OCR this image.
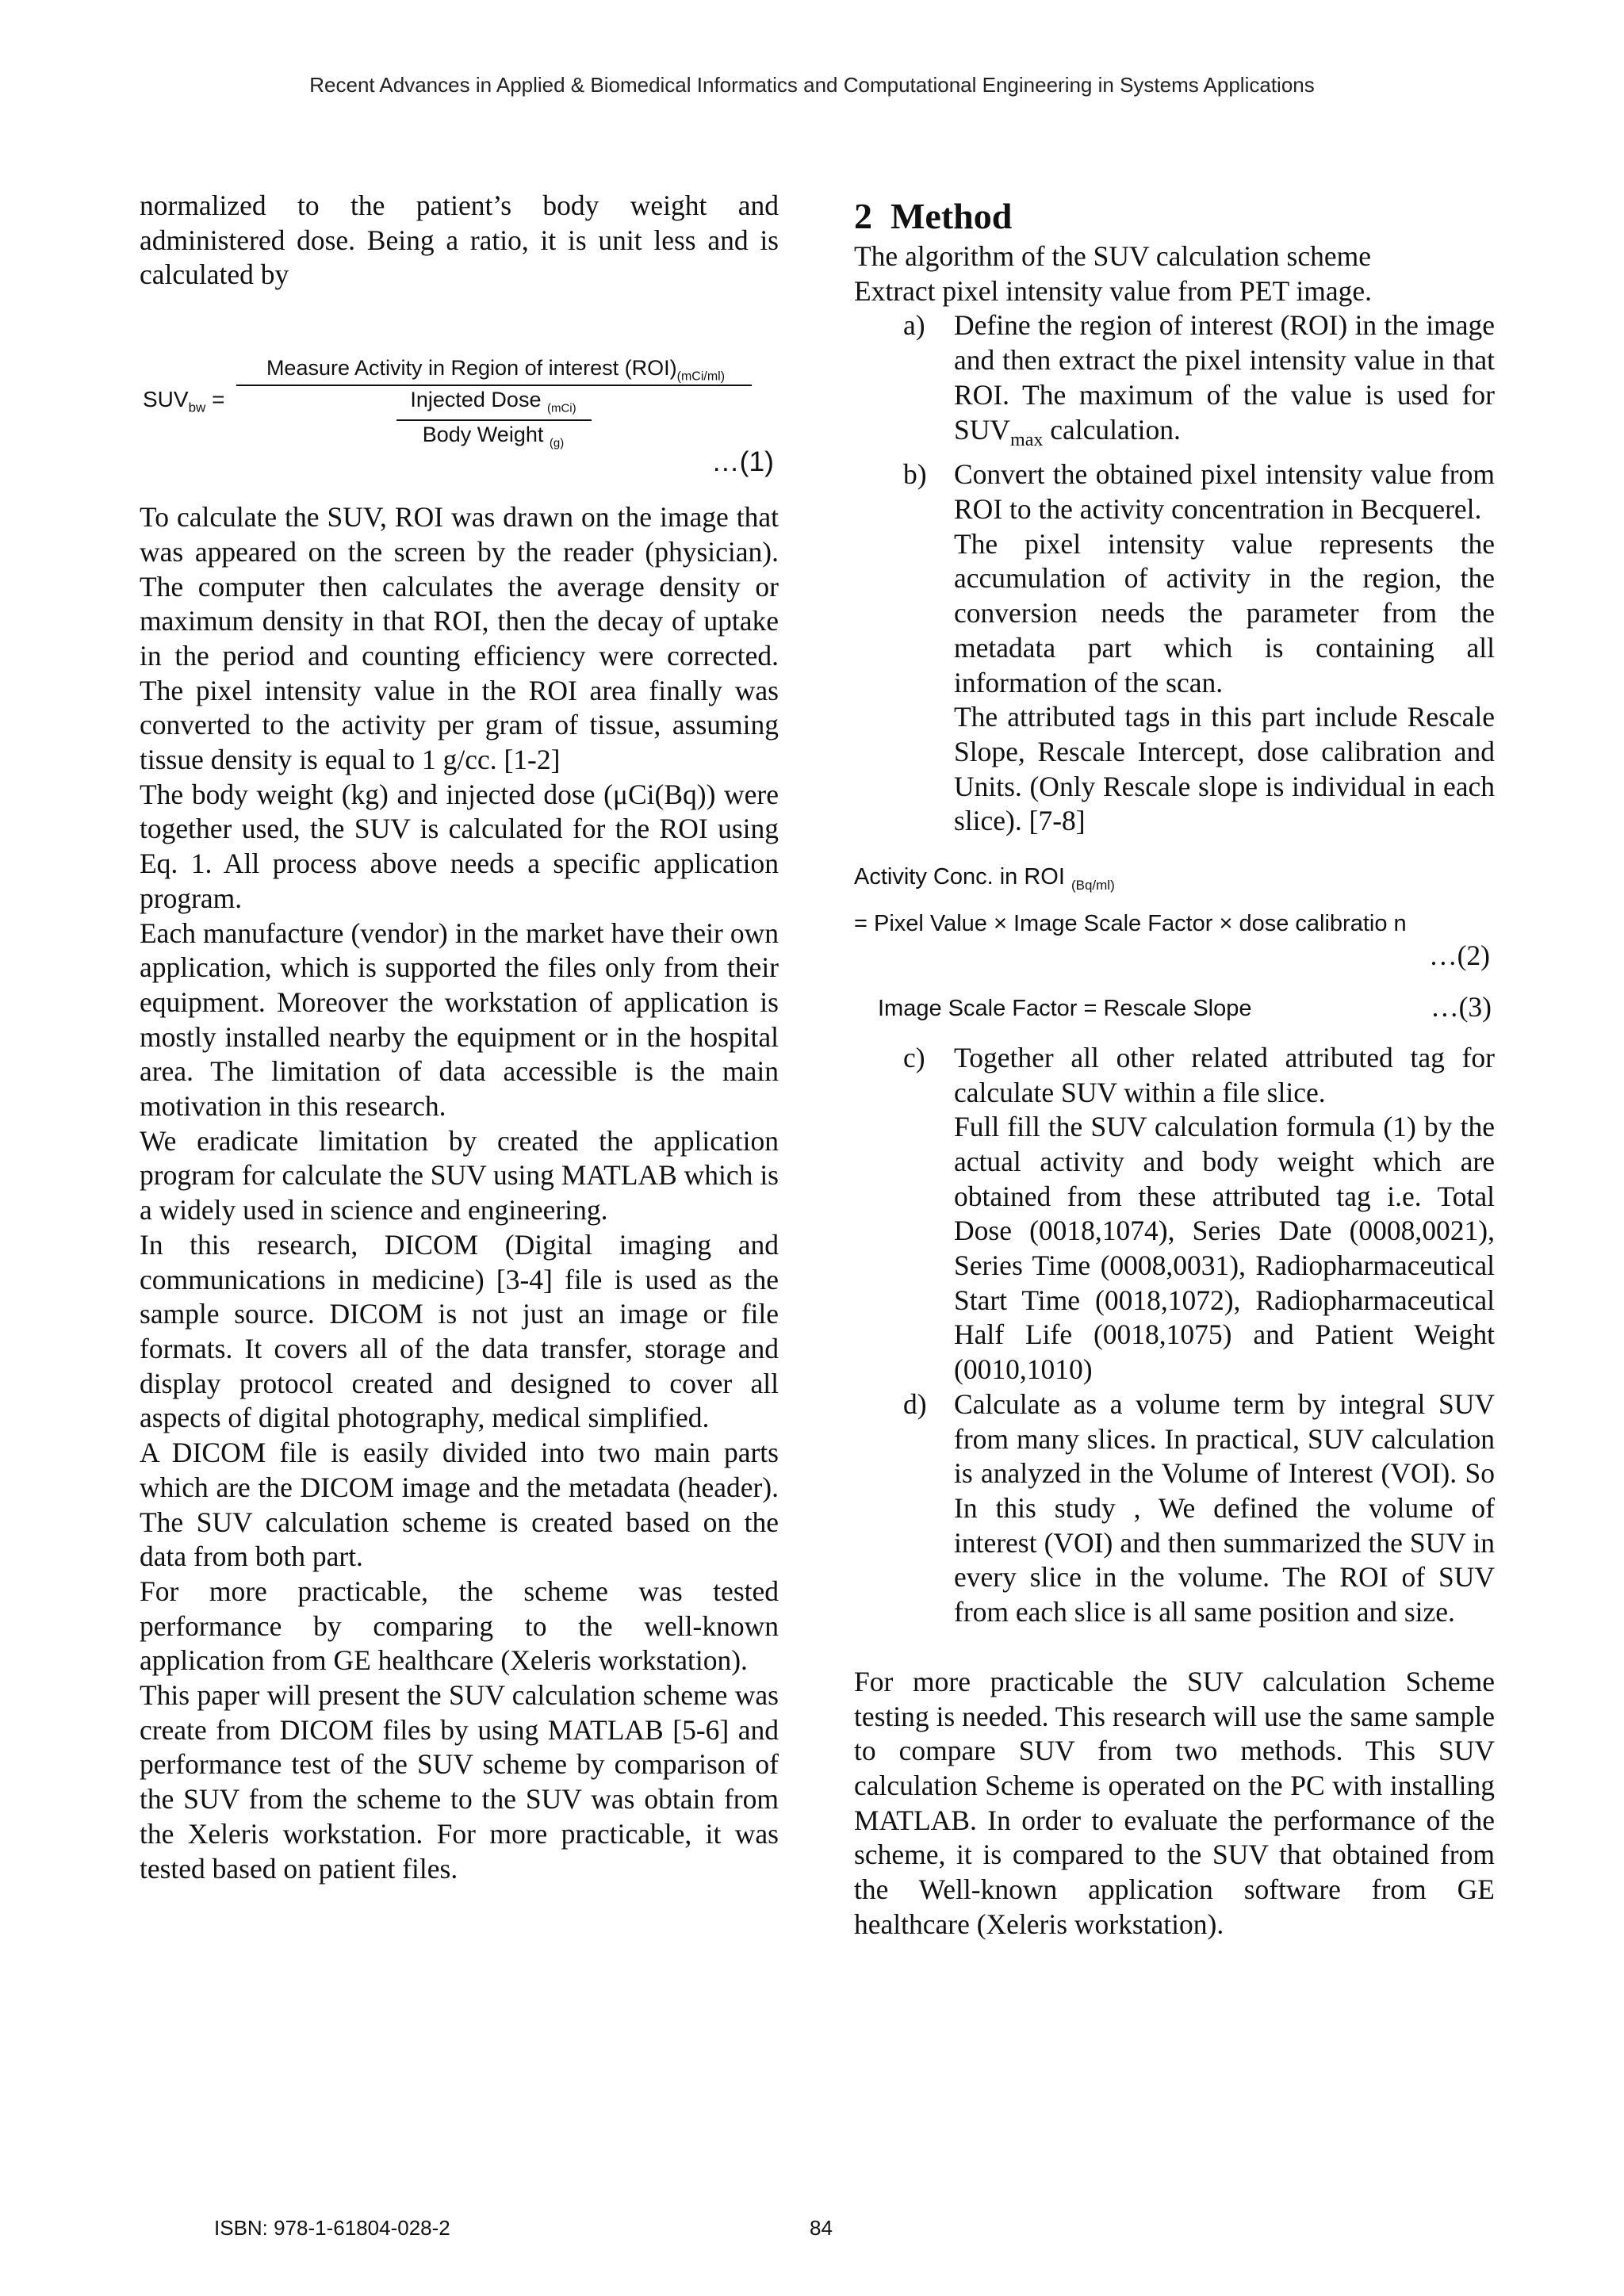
Recent Advances in Applied & Biomedical Informatics and Computational Engineering in Systems Applications

normalized to the patient’s body weight and administered dose. Being a ratio, it is unit less and is calculated by

$SUV_{bw}$ =
Measure Activity in Region of interest $(ROI)_{(mCi/ml)}$
Injected Dose $_{(mCi)}$
Body Weight $_{(g)}$
…(1)

To calculate the SUV, ROI was drawn on the image that was appeared on the screen by the reader (physician). The computer then calculates the average density or maximum density in that ROI, then the decay of uptake in the period and counting efficiency were corrected. The pixel intensity value in the ROI area finally was converted to the activity per gram of tissue, assuming tissue density is equal to 1 g/cc. [1-2]

The body weight (kg) and injected dose (μCi(Bq)) were together used, the SUV is calculated for the ROI using Eq. 1. All process above needs a specific application program.

Each manufacture (vendor) in the market have their own application, which is supported the files only from their equipment. Moreover the workstation of application is mostly installed nearby the equipment or in the hospital area. The limitation of data accessible is the main motivation in this research.

We eradicate limitation by created the application program for calculate the SUV using MATLAB which is a widely used in science and engineering.

In this research, DICOM (Digital imaging and communications in medicine) [3-4] file is used as the sample source. DICOM is not just an image or file formats. It covers all of the data transfer, storage and display protocol created and designed to cover all aspects of digital photography, medical simplified.

A DICOM file is easily divided into two main parts which are the DICOM image and the metadata (header). The SUV calculation scheme is created based on the data from both part.

For more practicable, the scheme was tested performance by comparing to the well-known application from GE healthcare (Xeleris workstation).

This paper will present the SUV calculation scheme was create from DICOM files by using MATLAB [5-6] and performance test of the SUV scheme by comparison of the SUV from the scheme to the SUV was obtain from the Xeleris workstation. For more practicable, it was tested based on patient files.

2 Method

The algorithm of the SUV calculation scheme

Extract pixel intensity value from PET image.

a) Define the region of interest (ROI) in the image and then extract the pixel intensity value in that ROI. The maximum of the value is used for $SUV_{max}$ calculation.

b) Convert the obtained pixel intensity value from ROI to the activity concentration in Becquerel.

The pixel intensity value represents the accumulation of activity in the region, the conversion needs the parameter from the metadata part which is containing all information of the scan.

The attributed tags in this part include Rescale Slope, Rescale Intercept, dose calibration and Units. (Only Rescale slope is individual in each slice). [7-8]

Activity Conc. in ROI $_{(Bq/ml)}$
= Pixel Value × Image Scale Factor × dose calibratio n
…(2)
Image Scale Factor = Rescale Slope	…(3)
c) Together all other related attributed tag for calculate SUV within a file slice.

Full fill the SUV calculation formula (1) by the actual activity and body weight which are obtained from these attributed tag i.e. Total Dose (0018,1074), Series Date (0008,0021), Series Time (0008,0031), Radiopharmaceutical Start Time (0018,1072), Radiopharmaceutical Half Life (0018,1075) and Patient Weight (0010,1010)

d) Calculate as a volume term by integral SUV from many slices. In practical, SUV calculation is analyzed in the Volume of Interest (VOI). So In this study , We defined the volume of interest (VOI) and then summarized the SUV in every slice in the volume. The ROI of SUV from each slice is all same position and size.

For more practicable the SUV calculation Scheme testing is needed. This research will use the same sample to compare SUV from two methods. This SUV calculation Scheme is operated on the PC with installing MATLAB. In order to evaluate the performance of the scheme, it is compared to the SUV that obtained from the Well-known application software from GE healthcare (Xeleris workstation).

ISBN: 978-1-61804-028-2	84
